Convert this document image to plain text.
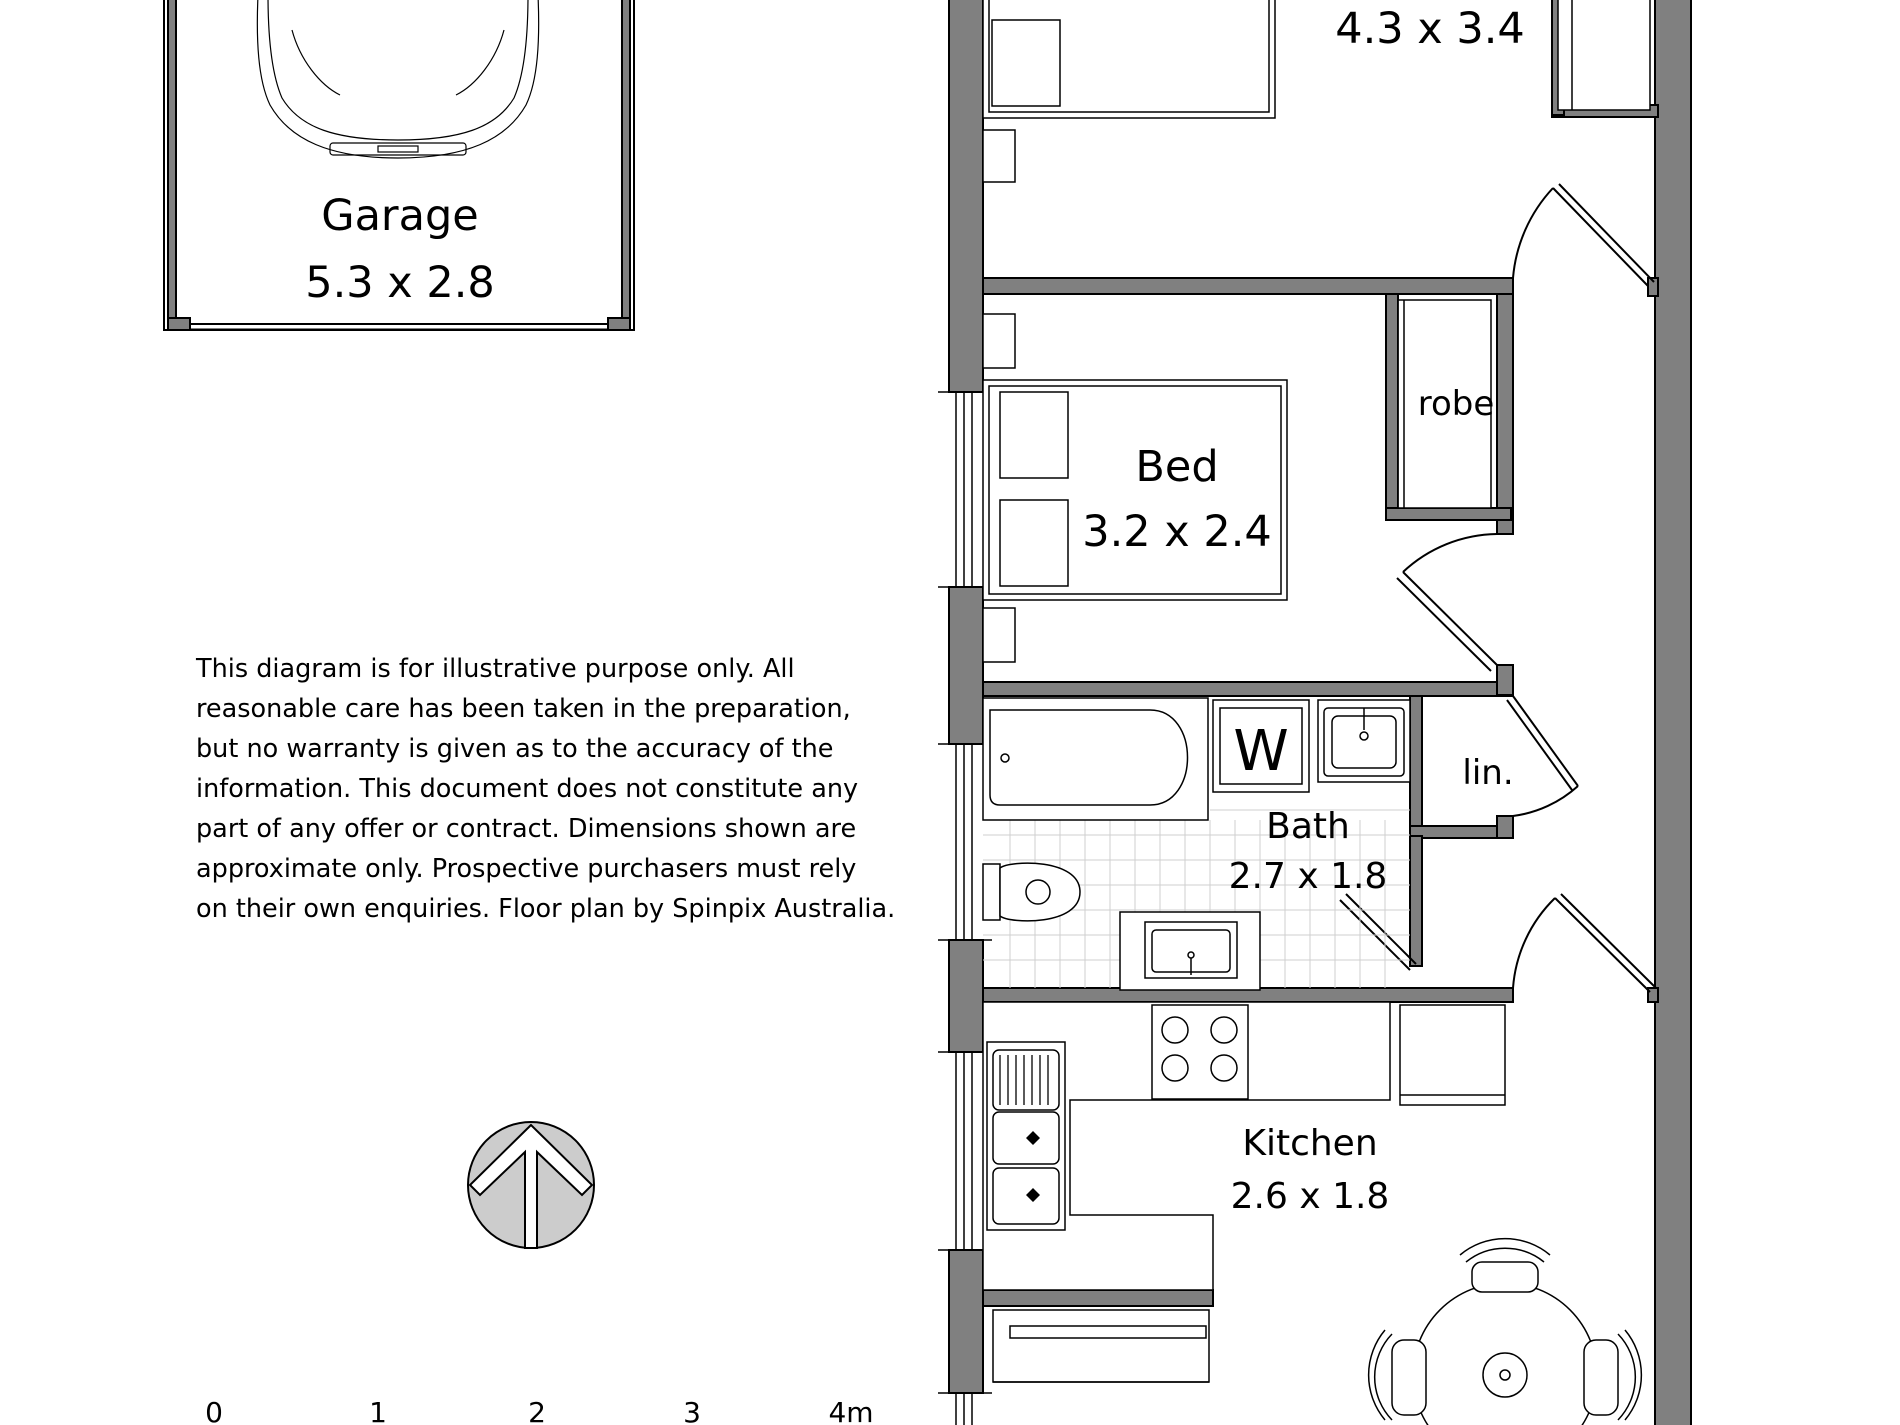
Garage
5.3 x 2.8
4.3 x 3.4
Bed
3.2 x 2.4
robe
lin.
W
Bath
2.7 x 1.8
Kitchen
2.6 x 1.8
0	1	2	3	4m
This diagram is for illustrative purpose only. All
reasonable care has been taken in the preparation,
but no warranty is given as to the accuracy of the
information. This document does not constitute any
part of any offer or contract. Dimensions shown are
approximate only. Prospective purchasers must rely
on their own enquiries. Floor plan by Spinpix Australia.
